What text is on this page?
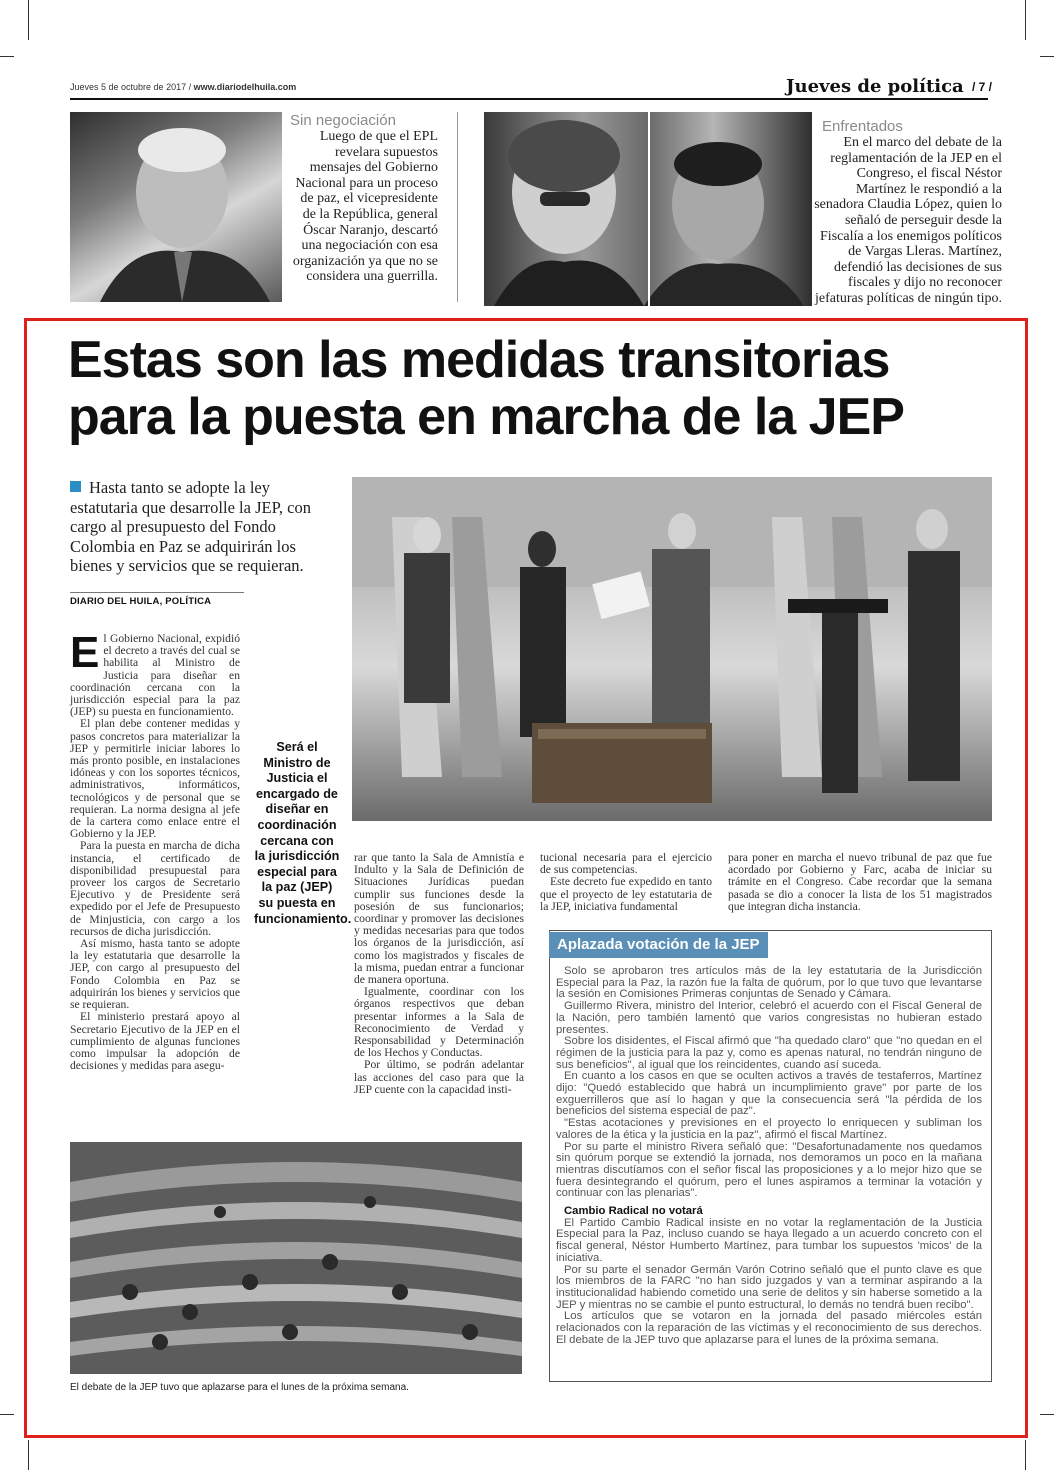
Jueves 5 de octubre de 2017 / www.diariodelhuila.com	Jueves de política / 7 /
Sin negociación
Luego de que el EPL revelara supuestos mensajes del Gobierno Nacional para un proceso de paz, el vicepresidente de la República, general Óscar Naranjo, descartó una negociación con esa organización ya que no se considera una guerrilla.
Enfrentados
En el marco del debate de la reglamentación de la JEP en el Congreso, el fiscal Néstor Martínez le respondió a la senadora Claudia López, quien lo señaló de perseguir desde la Fiscalía a los enemigos políticos de Vargas Lleras. Martínez, defendió las decisiones de sus fiscales y dijo no reconocer jefaturas políticas de ningún tipo.
Estas son las medidas transitorias para la puesta en marcha de la JEP
Hasta tanto se adopte la ley estatutaria que desarrolle la JEP, con cargo al presupuesto del Fondo Colombia en Paz se adquirirán los bienes y servicios que se requieran.
DIARIO DEL HUILA, POLÍTICA

El Gobierno Nacional, expidió el decreto a través del cual se habilita al Ministro de Justicia para diseñar en coordinación cercana con la jurisdicción especial para la paz (JEP) su puesta en funcionamiento.

El plan debe contener medidas y pasos concretos para materializar la JEP y permitirle iniciar labores lo más pronto posible, en instalaciones idóneas y con los soportes técnicos, administrativos, informáticos, tecnológicos y de personal que se requieran. La norma designa al jefe de la cartera como enlace entre el Gobierno y la JEP.

Para la puesta en marcha de dicha instancia, el certificado de disponibilidad presupuestal para proveer los cargos de Secretario Ejecutivo y de Presidente será expedido por el Jefe de Presupuesto de Minjusticia, con cargo a los recursos de dicha jurisdicción.

Así mismo, hasta tanto se adopte la ley estatutaria que desarrolle la JEP, con cargo al presupuesto del Fondo Colombia en Paz se adquirirán los bienes y servicios que se requieran.

El ministerio prestará apoyo al Secretario Ejecutivo de la JEP en el cumplimiento de algunas funciones como impulsar la adopción de decisiones y medidas para asegu-

Será el Ministro de Justicia el encargado de diseñar en coordinación cercana con la jurisdicción especial para la paz (JEP) su puesta en funcionamiento.

rar que tanto la Sala de Amnistía e Indulto y la Sala de Definición de Situaciones Jurídicas puedan cumplir sus funciones desde la posesión de sus funcionarios; coordinar y promover las decisiones y medidas necesarias para que todos los órganos de la jurisdicción, así como los magistrados y fiscales de la misma, puedan entrar a funcionar de manera oportuna.

Igualmente, coordinar con los órganos respectivos que deban presentar informes a la Sala de Reconocimiento de Verdad y Responsabilidad y Determinación de los Hechos y Conductas.

Por último, se podrán adelantar las acciones del caso para que la JEP cuente con la capacidad insti-

tucional necesaria para el ejercicio de sus competencias.

Este decreto fue expedido en tanto que el proyecto de ley estatutaria de la JEP, iniciativa fundamental

para poner en marcha el nuevo tribunal de paz que fue acordado por Gobierno y Farc, acaba de iniciar su trámite en el Congreso. Cabe recordar que la semana pasada se dio a conocer la lista de los 51 magistrados que integran dicha instancia.

Aplazada votación de la JEP

Solo se aprobaron tres artículos más de la ley estatutaria de la Jurisdicción Especial para la Paz, la razón fue la falta de quórum, por lo que tuvo que levantarse la sesión en Comisiones Primeras conjuntas de Senado y Cámara.

Guillermo Rivera, ministro del Interior, celebró el acuerdo con el Fiscal General de la Nación, pero también lamentó que varios congresistas no hubieran estado presentes.

Sobre los disidentes, el Fiscal afirmó que "ha quedado claro" que "no quedan en el régimen de la justicia para la paz y, como es apenas natural, no tendrán ninguno de sus beneficios", al igual que los reincidentes, cuando así suceda.

En cuanto a los casos en que se oculten activos a través de testaferros, Martínez dijo: "Quedó establecido que habrá un incumplimiento grave" por parte de los exguerrilleros que así lo hagan y que la consecuencia será "la pérdida de los beneficios del sistema especial de paz".

"Estas acotaciones y previsiones en el proyecto lo enriquecen y subliman los valores de la ética y la justicia en la paz", afirmó el fiscal Martínez.

Por su parte el ministro Rivera señaló que: "Desafortunadamente nos quedamos sin quórum porque se extendió la jornada, nos demoramos un poco en la mañana mientras discutíamos con el señor fiscal las proposiciones y a lo mejor hizo que se fuera desintegrando el quórum, pero el lunes aspiramos a terminar la votación y continuar con las plenarias".

Cambio Radical no votará

El Partido Cambio Radical insiste en no votar la reglamentación de la Justicia Especial para la Paz, incluso cuando se haya llegado a un acuerdo concreto con el fiscal general, Néstor Humberto Martínez, para tumbar los supuestos 'micos' de la iniciativa.

Por su parte el senador Germán Varón Cotrino señaló que el punto clave es que los miembros de la FARC "no han sido juzgados y van a terminar aspirando a la institucionalidad habiendo cometido una serie de delitos y sin haberse sometido a la JEP y mientras no se cambie el punto estructural, lo demás no tendrá buen recibo".

Los artículos que se votaron en la jornada del pasado miércoles están relacionados con la reparación de las víctimas y el reconocimiento de sus derechos. El debate de la JEP tuvo que aplazarse para el lunes de la próxima semana.

El debate de la JEP tuvo que aplazarse para el lunes de la próxima semana.
